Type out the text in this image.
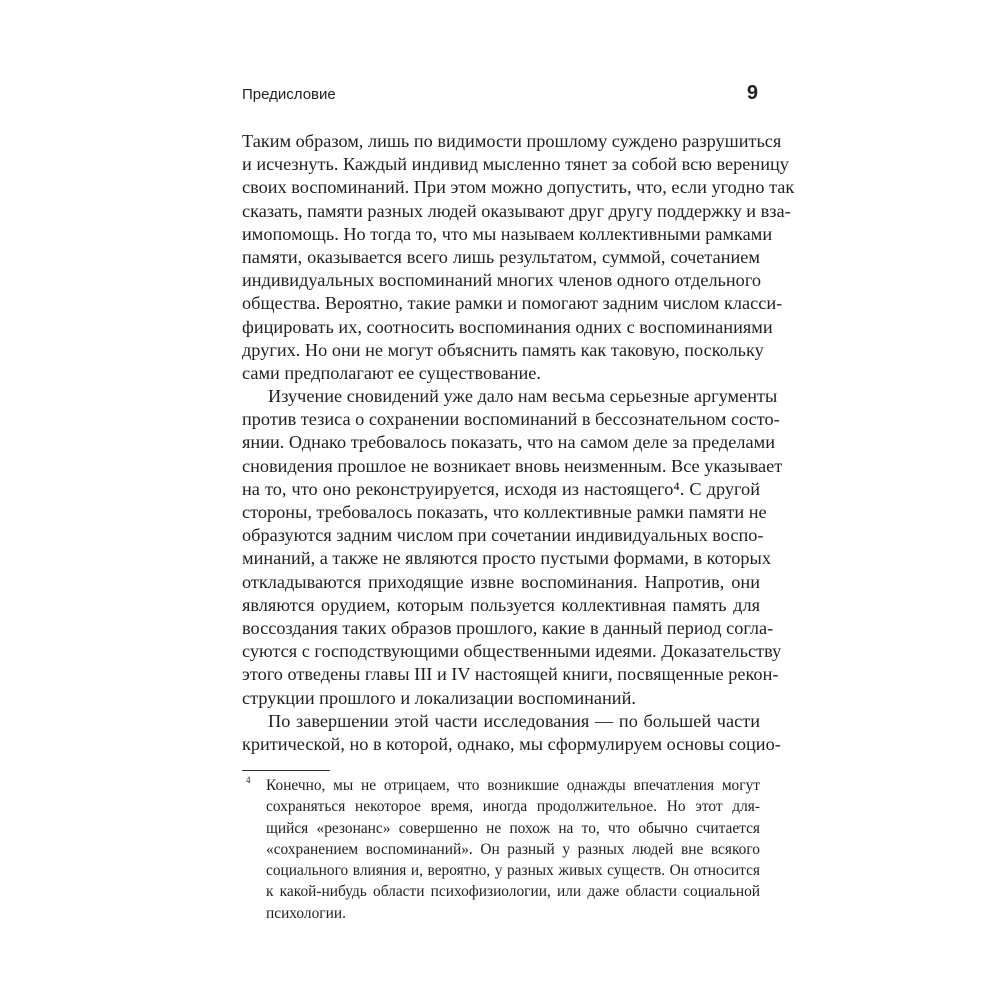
Предисловие	9
Таким образом, лишь по видимости прошлому суждено разрушиться
и исчезнуть. Каждый индивид мысленно тянет за собой всю вереницу
своих воспоминаний. При этом можно допустить, что, если угодно так
сказать, памяти разных людей оказывают друг другу поддержку и вза-
имопомощь. Но тогда то, что мы называем коллективными рамками
памяти, оказывается всего лишь результатом, суммой, сочетанием
индивидуальных воспоминаний многих членов одного отдельного
общества. Вероятно, такие рамки и помогают задним числом класси-
фицировать их, соотносить воспоминания одних с воспоминаниями
других. Но они не могут объяснить память как таковую, поскольку
сами предполагают ее существование.
Изучение сновидений уже дало нам весьма серьезные аргументы
против тезиса о сохранении воспоминаний в бессознательном состо-
янии. Однако требовалось показать, что на самом деле за пределами
сновидения прошлое не возникает вновь неизменным. Все указывает
на то, что оно реконструируется, исходя из настоящего⁴. С другой
стороны, требовалось показать, что коллективные рамки памяти не
образуются задним числом при сочетании индивидуальных воспо-
минаний, а также не являются просто пустыми формами, в которых
откладываются приходящие извне воспоминания. Напротив, они
являются орудием, которым пользуется коллективная память для
воссоздания таких образов прошлого, какие в данный период согла-
суются с господствующими общественными идеями. Доказательству
этого отведены главы III и IV настоящей книги, посвященные рекон-
струкции прошлого и локализации воспоминаний.
По завершении этой части исследования — по большей части
критической, но в которой, однако, мы сформулируем основы социо-
4 Конечно, мы не отрицаем, что возникшие однажды впечатления могут
сохраняться некоторое время, иногда продолжительное. Но этот для-
щийся «резонанс» совершенно не похож на то, что обычно считается
«сохранением воспоминаний». Он разный у разных людей вне всякого
социального влияния и, вероятно, у разных живых существ. Он относится
к какой-нибудь области психофизиологии, или даже области социальной
психологии.
